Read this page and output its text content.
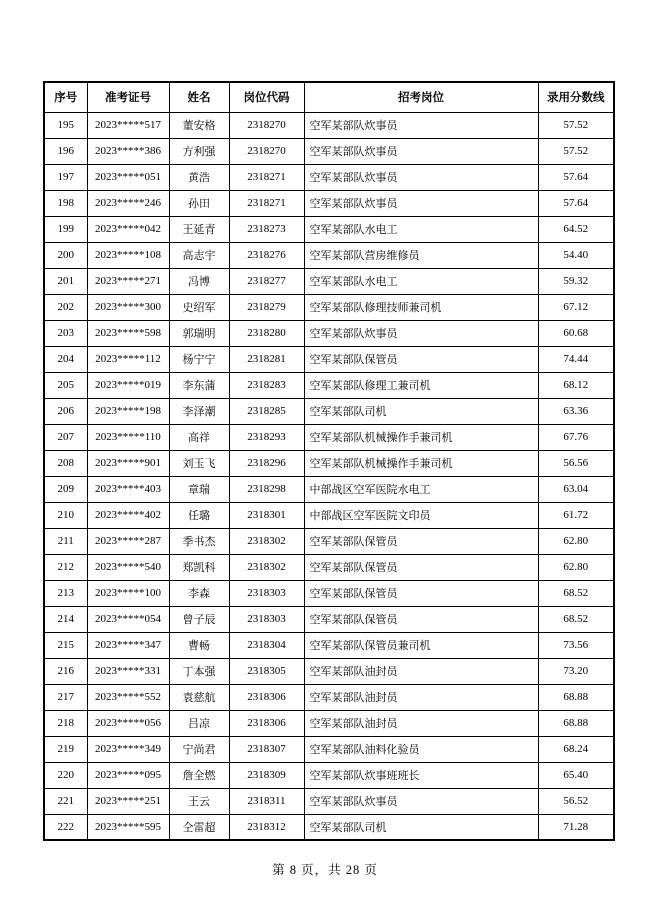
序号	准考证号	姓名	岗位代码	招考岗位	录用分数线
195	2023*****517	董安格	2318270	空军某部队炊事员	57.52
196	2023*****386	方利强	2318270	空军某部队炊事员	57.52
197	2023*****051	黄浩	2318271	空军某部队炊事员	57.64
198	2023*****246	孙田	2318271	空军某部队炊事员	57.64
199	2023*****042	王延青	2318273	空军某部队水电工	64.52
200	2023*****108	高志宇	2318276	空军某部队营房维修员	54.40
201	2023*****271	冯博	2318277	空军某部队水电工	59.32
202	2023*****300	史绍军	2318279	空军某部队修理技师兼司机	67.12
203	2023*****598	郭瑞明	2318280	空军某部队炊事员	60.68
204	2023*****112	杨宁宁	2318281	空军某部队保管员	74.44
205	2023*****019	李东蒲	2318283	空军某部队修理工兼司机	68.12
206	2023*****198	李泽潮	2318285	空军某部队司机	63.36
207	2023*****110	高祥	2318293	空军某部队机械操作手兼司机	67.76
208	2023*****901	刘玉飞	2318296	空军某部队机械操作手兼司机	56.56
209	2023*****403	章瑞	2318298	中部战区空军医院水电工	63.04
210	2023*****402	任璐	2318301	中部战区空军医院文印员	61.72
211	2023*****287	季书杰	2318302	空军某部队保管员	62.80
212	2023*****540	郑凯科	2318302	空军某部队保管员	62.80
213	2023*****100	李森	2318303	空军某部队保管员	68.52
214	2023*****054	曾子辰	2318303	空军某部队保管员	68.52
215	2023*****347	曹畅	2318304	空军某部队保管员兼司机	73.56
216	2023*****331	丁本强	2318305	空军某部队油封员	73.20
217	2023*****552	袁慈航	2318306	空军某部队油封员	68.88
218	2023*****056	吕凉	2318306	空军某部队油封员	68.88
219	2023*****349	宁尚君	2318307	空军某部队油料化验员	68.24
220	2023*****095	詹全燃	2318309	空军某部队炊事班班长	65.40
221	2023*****251	王云	2318311	空军某部队炊事员	56.52
222	2023*****595	仝雷超	2318312	空军某部队司机	71.28
第 8 页，共 28 页
